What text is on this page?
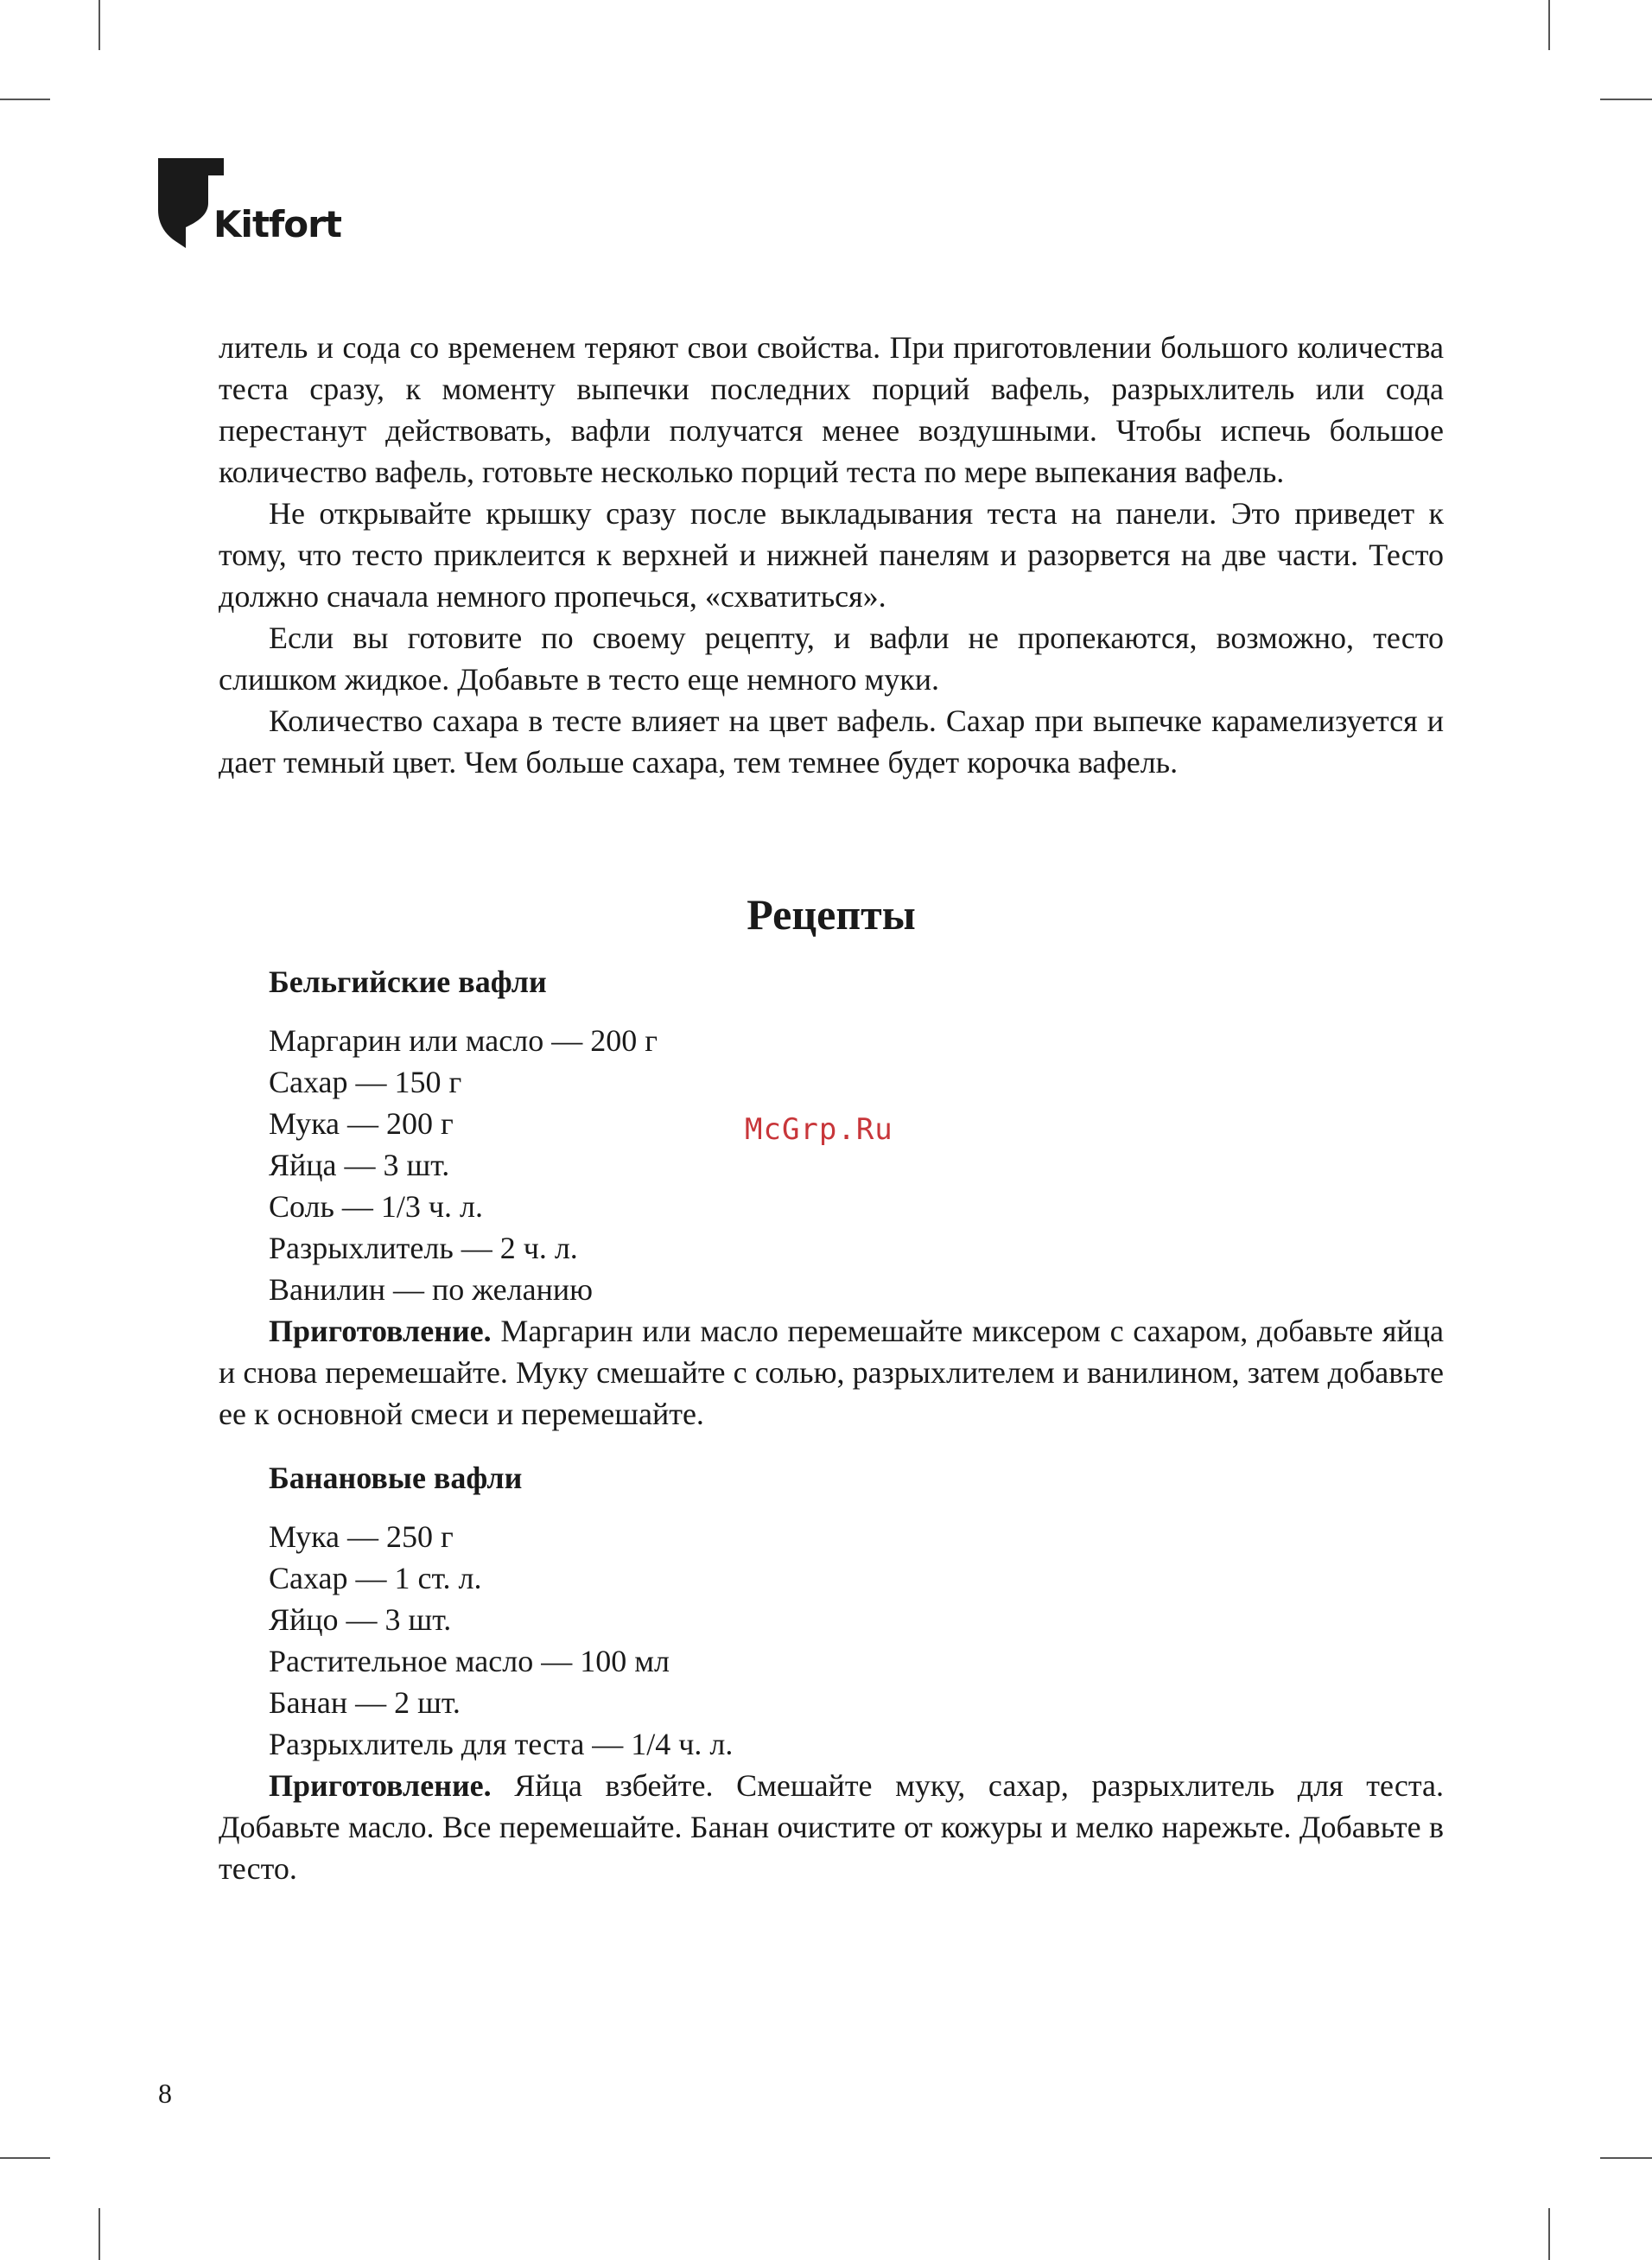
Kitfort
McGrp.Ru

литель и сода со временем теряют свои свойства. При приготовлении большого количества теста сразу, к моменту выпечки последних порций вафель, разрыхлитель или сода перестанут действовать, вафли получатся менее воздушными. Чтобы испечь большое количество вафель, готовьте несколько порций теста по мере выпекания вафель.

Не открывайте крышку сразу после выкладывания теста на панели. Это приведет к тому, что тесто приклеится к верхней и нижней панелям и разорвется на две части. Тесто должно сначала немного пропечься, «схватиться».

Если вы готовите по своему рецепту, и вафли не пропекаются, возможно, тесто слишком жидкое. Добавьте в тесто еще немного муки.

Количество сахара в тесте влияет на цвет вафель. Сахар при выпечке карамелизуется и дает темный цвет. Чем больше сахара, тем темнее будет корочка вафель.

Рецепты
Бельгийские вафли
Маргарин или масло — 200 г
Сахар — 150 г
Мука — 200 г
Яйца — 3 шт.
Соль — 1/3 ч. л.
Разрыхлитель — 2 ч. л.
Ванилин — по желанию

Приготовление. Маргарин или масло перемешайте миксером с сахаром, добавьте яйца и снова перемешайте. Муку смешайте с солью, разрыхлителем и ванилином, затем добавьте ее к основной смеси и перемешайте.

Банановые вафли
Мука — 250 г
Сахар — 1 ст. л.
Яйцо — 3 шт.
Растительное масло — 100 мл
Банан — 2 шт.
Разрыхлитель для теста — 1/4 ч. л.

Приготовление. Яйца взбейте. Смешайте муку, сахар, разрыхлитель для теста. Добавьте масло. Все перемешайте. Банан очистите от кожуры и мелко нарежьте. Добавьте в тесто.

8
